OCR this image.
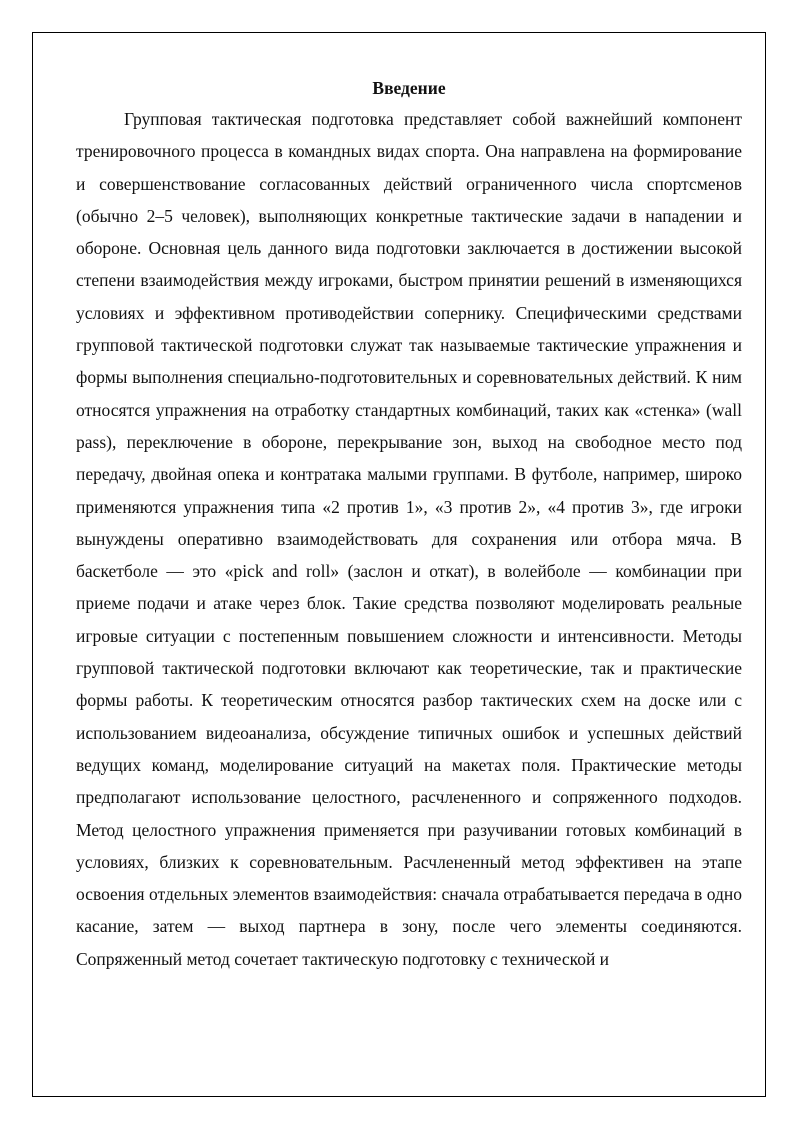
Введение

Групповая тактическая подготовка представляет собой важнейший компонент тренировочного процесса в командных видах спорта. Она направлена на формирование и совершенствование согласованных действий ограниченного числа спортсменов (обычно 2–5 человек), выполняющих конкретные тактические задачи в нападении и обороне. Основная цель данного вида подготовки заключается в достижении высокой степени взаимодействия между игроками, быстром принятии решений в изменяющихся условиях и эффективном противодействии сопернику. Специфическими средствами групповой тактической подготовки служат так называемые тактические упражнения и формы выполнения специально-подготовительных и соревновательных действий. К ним относятся упражнения на отработку стандартных комбинаций, таких как «стенка» (wall pass), переключение в обороне, перекрывание зон, выход на свободное место под передачу, двойная опека и контратака малыми группами. В футболе, например, широко применяются упражнения типа «2 против 1», «3 против 2», «4 против 3», где игроки вынуждены оперативно взаимодействовать для сохранения или отбора мяча. В баскетболе — это «pick and roll» (заслон и откат), в волейболе — комбинации при приеме подачи и атаке через блок. Такие средства позволяют моделировать реальные игровые ситуации с постепенным повышением сложности и интенсивности. Методы групповой тактической подготовки включают как теоретические, так и практические формы работы. К теоретическим относятся разбор тактических схем на доске или с использованием видеоанализа, обсуждение типичных ошибок и успешных действий ведущих команд, моделирование ситуаций на макетах поля. Практические методы предполагают использование целостного, расчлененного и сопряженного подходов. Метод целостного упражнения применяется при разучивании готовых комбинаций в условиях, близких к соревновательным. Расчлененный метод эффективен на этапе освоения отдельных элементов взаимодействия: сначала отрабатывается передача в одно касание, затем — выход партнера в зону, после чего элементы соединяются. Сопряженный метод сочетает тактическую подготовку с технической и
